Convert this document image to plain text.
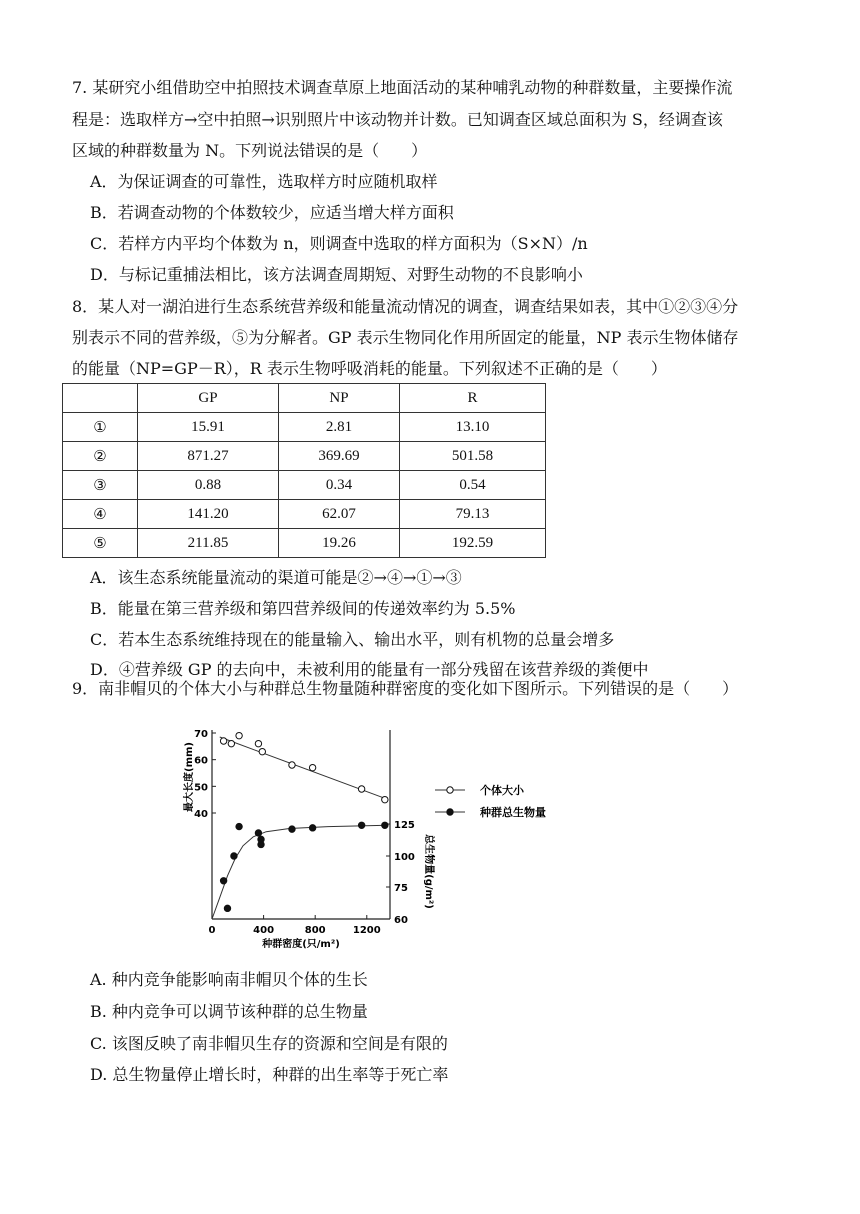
7. 某研究小组借助空中拍照技术调查草原上地面活动的某种哺乳动物的种群数量，主要操作流
程是：选取样方→空中拍照→识别照片中该动物并计数。已知调查区域总面积为 S，经调查该
区域的种群数量为 N。下列说法错误的是（　　）
A．为保证调查的可靠性，选取样方时应随机取样
B．若调查动物的个体数较少，应适当增大样方面积
C．若样方内平均个体数为 n，则调查中选取的样方面积为（S×N）/n
D．与标记重捕法相比，该方法调查周期短、对野生动物的不良影响小
8．某人对一湖泊进行生态系统营养级和能量流动情况的调查，调查结果如表，其中①②③④分
别表示不同的营养级，⑤为分解者。GP 表示生物同化作用所固定的能量，NP 表示生物体储存
的能量（NP=GP－R），R 表示生物呼吸消耗的能量。下列叙述不正确的是（　　）
	GP	NP	R
①	15.91	2.81	13.10
②	871.27	369.69	501.58
③	0.88	0.34	0.54
④	141.20	62.07	79.13
⑤	211.85	19.26	192.59
A．该生态系统能量流动的渠道可能是②→④→①→③
B．能量在第三营养级和第四营养级间的传递效率约为 5.5%
C．若本生态系统维持现在的能量输入、输出水平，则有机物的总量会增多
D．④营养级 GP 的去向中，未被利用的能量有一部分残留在该营养级的粪便中
9．南非帽贝的个体大小与种群总生物量随种群密度的变化如下图所示。下列错误的是（　　）
0	400	800	1200
40
50
60
70
60
75
100
125
种群密度(只/m²)
最大长度(mm)
总生物量(g/m²)
个体大小
种群总生物量
A. 种内竞争能影响南非帽贝个体的生长
B. 种内竞争可以调节该种群的总生物量
C. 该图反映了南非帽贝生存的资源和空间是有限的
D. 总生物量停止增长时，种群的出生率等于死亡率
